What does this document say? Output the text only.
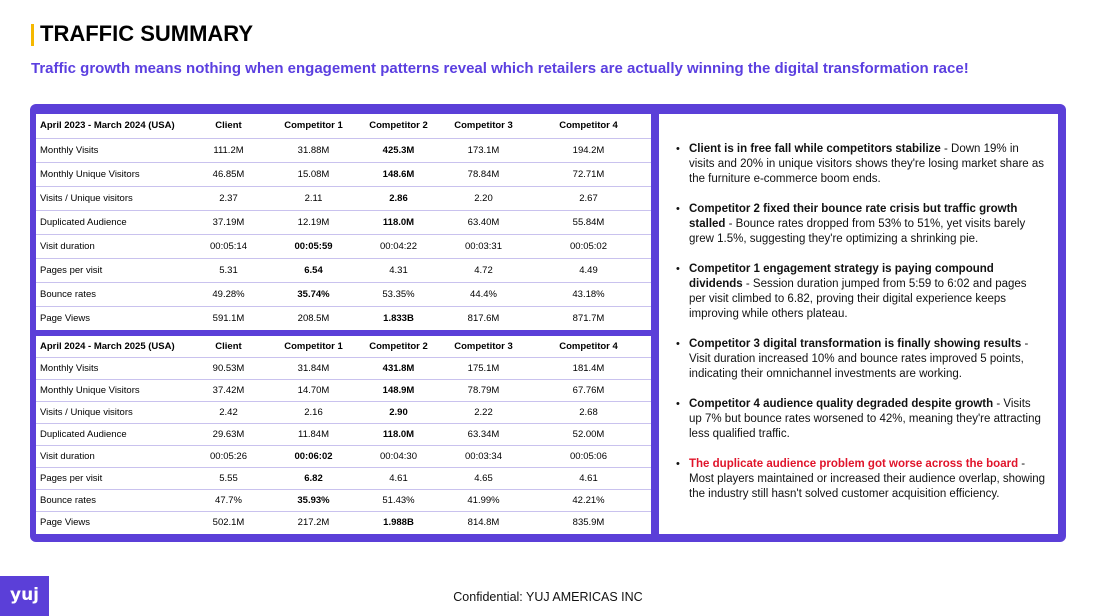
TRAFFIC SUMMARY
Traffic growth means nothing when engagement patterns reveal which retailers are actually winning the digital transformation race!
April 2023 - March 2024 (USA)	Client	Competitor 1	Competitor 2	Competitor 3	Competitor 4
Monthly Visits	111.2M	31.88M	425.3M	173.1M	194.2M
Monthly Unique Visitors	46.85M	15.08M	148.6M	78.84M	72.71M
Visits / Unique visitors	2.37	2.11	2.86	2.20	2.67
Duplicated Audience	37.19M	12.19M	118.0M	63.40M	55.84M
Visit duration	00:05:14	00:05:59	00:04:22	00:03:31	00:05:02
Pages per visit	5.31	6.54	4.31	4.72	4.49
Bounce rates	49.28%	35.74%	53.35%	44.4%	43.18%
Page Views	591.1M	208.5M	1.833B	817.6M	871.7M
April 2024 - March 2025 (USA)	Client	Competitor 1	Competitor 2	Competitor 3	Competitor 4
Monthly Visits	90.53M	31.84M	431.8M	175.1M	181.4M
Monthly Unique Visitors	37.42M	14.70M	148.9M	78.79M	67.76M
Visits / Unique visitors	2.42	2.16	2.90	2.22	2.68
Duplicated Audience	29.63M	11.84M	118.0M	63.34M	52.00M
Visit duration	00:05:26	00:06:02	00:04:30	00:03:34	00:05:06
Pages per visit	5.55	6.82	4.61	4.65	4.61
Bounce rates	47.7%	35.93%	51.43%	41.99%	42.21%
Page Views	502.1M	217.2M	1.988B	814.8M	835.9M
• Client is in free fall while competitors stabilize - Down 19% in visits and 20% in unique visitors shows they're losing market share as the furniture e-commerce boom ends.
• Competitor 2 fixed their bounce rate crisis but traffic growth stalled - Bounce rates dropped from 53% to 51%, yet visits barely grew 1.5%, suggesting they're optimizing a shrinking pie.
• Competitor 1 engagement strategy is paying compound dividends - Session duration jumped from 5:59 to 6:02 and pages per visit climbed to 6.82, proving their digital experience keeps improving while others plateau.
• Competitor 3 digital transformation is finally showing results - Visit duration increased 10% and bounce rates improved 5 points, indicating their omnichannel investments are working.
• Competitor 4 audience quality degraded despite growth - Visits up 7% but bounce rates worsened to 42%, meaning they're attracting less qualified traffic.
• The duplicate audience problem got worse across the board - Most players maintained or increased their audience overlap, showing the industry still hasn't solved customer acquisition efficiency.
yuj	Confidential: YUJ AMERICAS INC
